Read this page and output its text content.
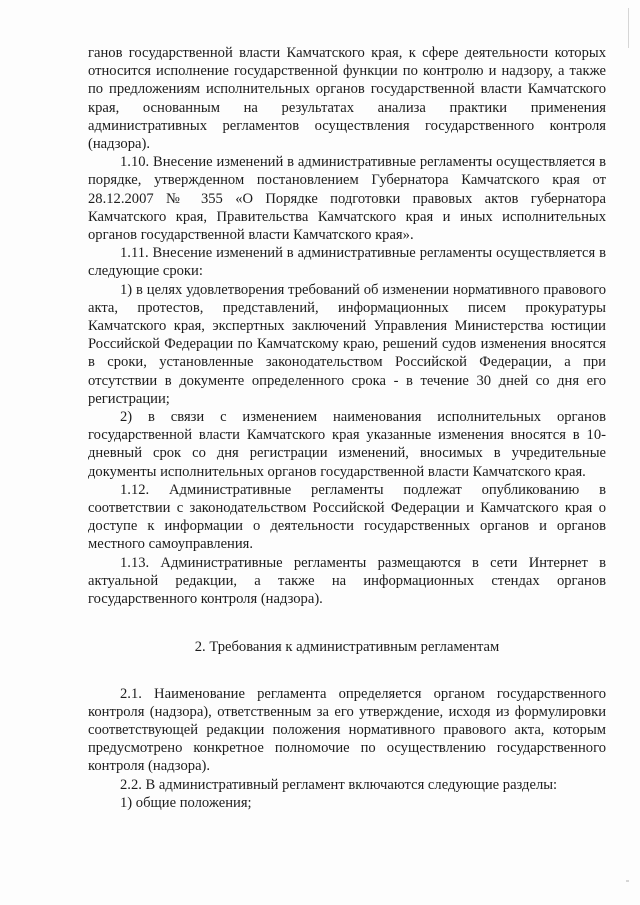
ганов государственной власти Камчатского края, к сфере деятельности которых относится исполнение государственной функции по контролю и надзору, а также по предложениям исполнительных органов государственной власти Камчатского края, основанным на результатах анализа практики применения административных регламентов осуществления государственного контроля (надзора).

1.10. Внесение изменений в административные регламенты осуществляется в порядке, утвержденном постановлением Губернатора Камчатского края от 28.12.2007 № 355 «О Порядке подготовки правовых актов губернатора Камчатского края, Правительства Камчатского края и иных исполнительных органов государственной власти Камчатского края».

1.11. Внесение изменений в административные регламенты осуществляется в следующие сроки:

1) в целях удовлетворения требований об изменении нормативного правового акта, протестов, представлений, информационных писем прокуратуры Камчатского края, экспертных заключений Управления Министерства юстиции Российской Федерации по Камчатскому краю, решений судов изменения вносятся в сроки, установленные законодательством Российской Федерации, а при отсутствии в документе определенного срока - в течение 30 дней со дня его регистрации;

2) в связи с изменением наименования исполнительных органов государственной власти Камчатского края указанные изменения вносятся в 10-дневный срок со дня регистрации изменений, вносимых в учредительные документы исполнительных органов государственной власти Камчатского края.

1.12. Административные регламенты подлежат опубликованию в соответствии с законодательством Российской Федерации и Камчатского края о доступе к информации о деятельности государственных органов и органов местного самоуправления.

1.13. Административные регламенты размещаются в сети Интернет в актуальной редакции, а также на информационных стендах органов государственного контроля (надзора).

2. Требования к административным регламентам

2.1. Наименование регламента определяется органом государственного контроля (надзора), ответственным за его утверждение, исходя из формулировки соответствующей редакции положения нормативного правового акта, которым предусмотрено конкретное полномочие по осуществлению государственного контроля (надзора).

2.2. В административный регламент включаются следующие разделы:

1) общие положения;
